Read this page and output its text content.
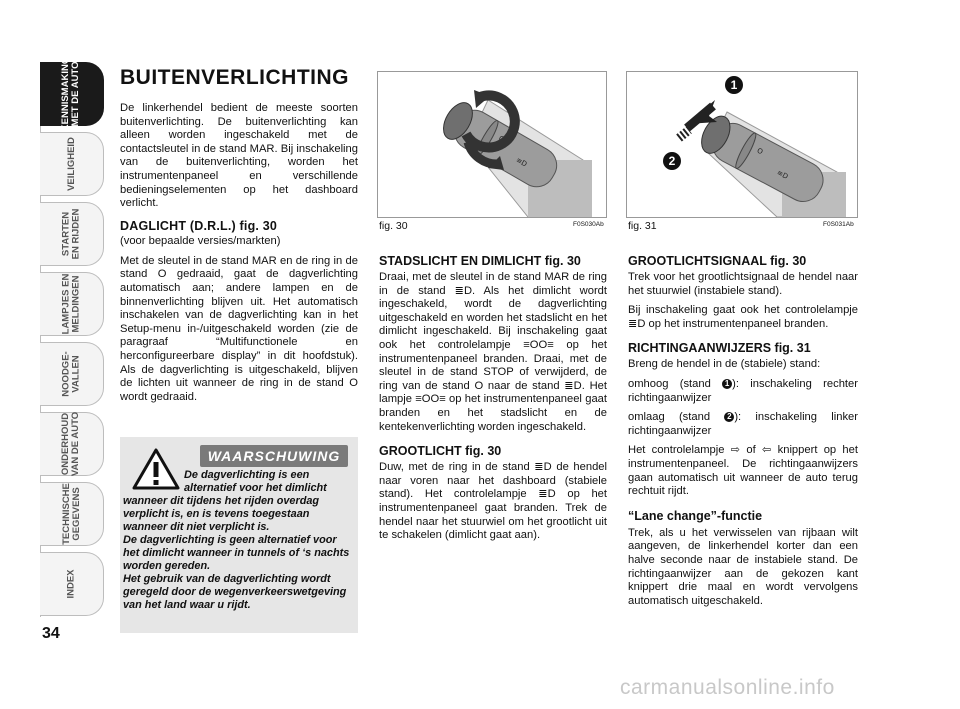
KENNISMAKING
MET DE AUTO
VEILIGHEID
STARTEN
EN RIJDEN
LAMPJES EN
MELDINGEN
NOODGE-
VALLEN
ONDERHOUD
VAN DE AUTO
TECHNISCHE
GEGEVENS
INDEX
34
BUITENVERLICHTING

De linkerhendel bedient de meeste soorten buitenverlichting. De buitenverlichting kan alleen worden ingeschakeld met de contactsleutel in de stand MAR. Bij inschakeling van de buitenverlichting, worden het instrumentenpaneel en verschillende bedieningselementen op het dashboard verlicht.

DAGLICHT (D.R.L.) fig. 30
(voor bepaalde versies/markten)

Met de sleutel in de stand MAR en de ring in de stand O gedraaid, gaat de dagverlichting automatisch aan; andere lampen en de binnenverlichting blijven uit. Het automatisch inschakelen van de dagverlichting kan in het Setup-menu in-/uitgeschakeld worden (zie de paragraaf “Multifunctionele en herconfigureerbare display” in dit hoofdstuk). Als de dagverlichting is uitgeschakeld, blijven de lichten uit wanneer de ring in de stand O wordt gedraaid.

WAARSCHUWING
De dagverlichting is een alternatief voor het dimlicht
wanneer dit tijdens het rijden overdag verplicht is, en is tevens toegestaan wanneer dit niet verplicht is.
De dagverlichting is geen alternatief voor het dimlicht wanneer in tunnels of ‘s nachts worden gereden.
Het gebruik van de dagverlichting wordt geregeld door de wegenverkeerswetgeving van het land waar u rijdt.
O
≡D
fig. 30	F0S030Ab
O
≡D
1
2
fig. 31	F0S031Ab
STADSLICHT EN DIMLICHT fig. 30

Draai, met de sleutel in de stand MAR de ring in de stand ≣D. Als het dimlicht wordt ingeschakeld, wordt de dagverlichting uitgeschakeld en worden het stadslicht en het dimlicht ingeschakeld. Bij inschakeling gaat ook het controlelampje ≡OO≡ op het instrumentenpaneel branden. Draai, met de sleutel in de stand STOP of verwijderd, de ring van de stand O naar de stand ≣D. Het lampje ≡OO≡ op het instrumentenpaneel gaat branden en het stadslicht en de kentekenverlichting worden ingeschakeld.

GROOTLICHT fig. 30

Duw, met de ring in de stand ≣D de hendel naar voren naar het dashboard (stabiele stand). Het controlelampje ≣D op het instrumentenpaneel gaat branden. Trek de hendel naar het stuurwiel om het grootlicht uit te schakelen (dimlicht gaat aan).

GROOTLICHTSIGNAAL fig. 30

Trek voor het grootlichtsignaal de hendel naar het stuurwiel (instabiele stand).

Bij inschakeling gaat ook het controlelampje ≣D op het instrumentenpaneel branden.

RICHTINGAANWIJZERS fig. 31

Breng de hendel in de (stabiele) stand:

omhoog (stand 1 ): inschakeling rechter richtingaanwijzer

omlaag (stand 2 ): inschakeling linker richtingaanwijzer

Het controlelampje ⇨ of ⇦ knippert op het instrumentenpaneel. De richtingaanwijzers gaan automatisch uit wanneer de auto terug rechtuit rijdt.

“Lane change”-functie

Trek, als u het verwisselen van rijbaan wilt aangeven, de linkerhendel korter dan een halve seconde naar de instabiele stand. De richtingaanwijzer aan de gekozen kant knippert drie maal en wordt vervolgens automatisch uitgeschakeld.

carmanualsonline.info
